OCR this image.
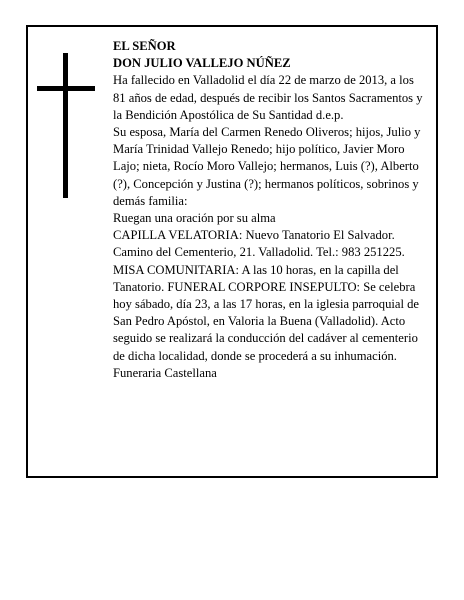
EL SEÑOR

DON JULIO VALLEJO NÚÑEZ

Ha fallecido en Valladolid el día 22 de marzo de 2013, a los 81 años de edad, después de recibir los Santos Sacramentos y la Bendición Apostólica de Su Santidad d.e.p.

Su esposa, María del Carmen Renedo Oliveros; hijos, Julio y María Trinidad Vallejo Renedo; hijo político, Javier Moro Lajo; nieta, Rocío Moro Vallejo; hermanos, Luis (?), Alberto (?), Concepción y Justina (?); hermanos políticos, sobrinos y demás familia:

Ruegan una oración por su alma

CAPILLA VELATORIA: Nuevo Tanatorio El Salvador. Camino del Cementerio, 21. Valladolid. Tel.: 983 251225.

MISA COMUNITARIA: A las 10 horas, en la capilla del Tanatorio. FUNERAL CORPORE INSEPULTO: Se celebra hoy sábado, día 23, a las 17 horas, en la iglesia parroquial de San Pedro Apóstol, en Valoria la Buena (Valladolid). Acto seguido se realizará la conducción del cadáver al cementerio de dicha localidad, donde se procederá a su inhumación.

Funeraria Castellana
